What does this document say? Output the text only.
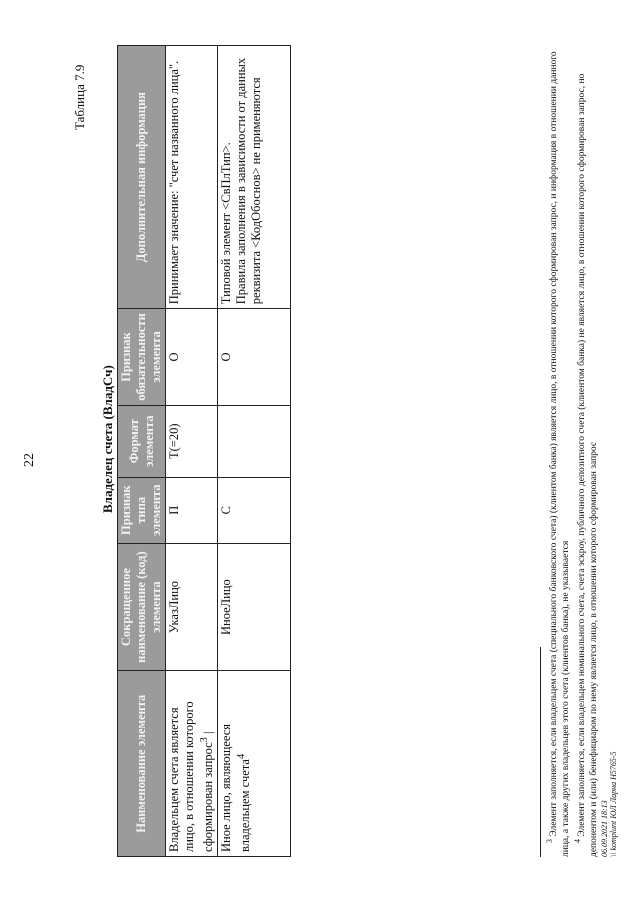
22
Таблица 7.9
Владелец счета (ВладСч)
Наименование элемента	Сокращенное наименование (код) элемента	Признак типа элемента	Формат элемента	Признак обязательности элемента	Дополнительная информация
Владельцем счета является лицо, в отношении которого сформирован запрос$^3$ |	УказЛицо	П	Т(=20)	О	Принимает значение: "счет названного лица".

Иное лицо, являющееся владельцем счета$^4$	ИноеЛицо	С		О	Типовой элемент <СвПлТип>. Правила заполнения в зависимости от данных реквизита <КодОбоснов> не применяются

$^3$ Элемент заполняется, если владельцем счета (специального банковского счета) (клиентом банка) является лицо, в отношении которого сформирован запрос, и информация в отношении данного лица, а также других владельцев этого счета (клиентов банка), не указывается $^4$ Элемент заполняется, если владельцем номинального счета, счета эскроу, публичного депозитного счета (клиентом банка) не является лицо, в отношении которого сформирован запрос, но депонентом и (или) бенефициаром по нему является лицо, в отношении которого сформирован запрос 06.09.2021 18:13 \\ komplunt ЮЛ Ларна Н5765-5
